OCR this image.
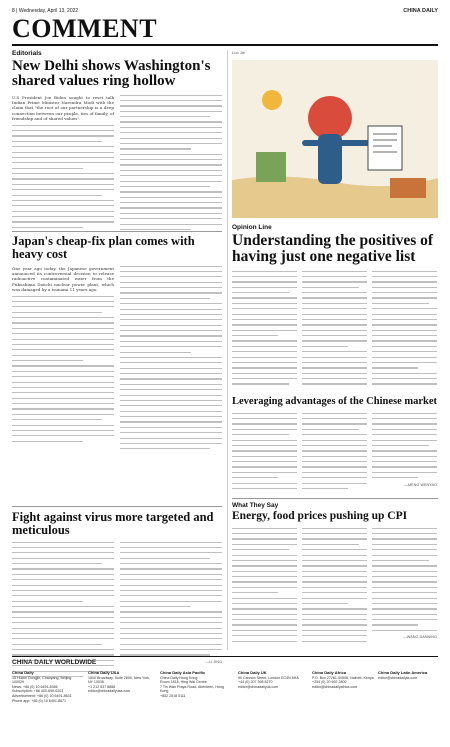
8 | Wednesday, April 13, 2022	CHINA DAILY
COMMENT
Editorials
New Delhi shows Washington's shared values ring hollow

U.S President Joe Biden sought to reset talk Indian Prime Minister Narendra Modi with the claim that "the root of our partnership is a deep connection between our people, ties of family, of friendship and of shared values".

Japan's cheap-fix plan comes with heavy cost

One year ago today, the Japanese government announced its controversial decision to release radioactive contaminated water from the Fukushima Daiichi nuclear power plant, which was damaged by a tsunami 11 years ago.

Fight against virus more targeted and meticulous
—LI JING
Luo Jie
Opinion Line
Understanding the positives of having just one negative list
Leveraging advantages of the Chinese market
—MENG WENYAO
What They Say
Energy, food prices pushing up CPI
—WANG DANNING
CHINA DAILY WORLDWIDE
China Daily
15 Huixin Dongjie, Chaoyang, Beijing 100029
News: +86 (0) 10 6491-8366
Subscription: +86 400-699-0203
Advertisement: +86 (0) 10 6491-8631
Phone app: +86 (0) 10 6491-8671
China Daily USA
1500 Broadway, Suite 2800, New York, NY 10036
+1 212 537 8888
editor@chinadailyusa.com
China Daily Asia Pacific
China Daily Hong Kong
Room 1818, Hing Wai Centre
7 Tin Wan Praya Road, Aberdeen, Hong Kong
+852 2518 5111
China Daily UK
90 Cannon Street, London EC4N 6HA
+44 (0) 207 398 8270
editor@chinadailyuk.com
China Daily Africa
P.O. Box 27281-00506, Nairobi, Kenya
+254 (0) 20 692 2800
editor@chinadailyafrica.com
China Daily Latin America
editor@chinadailyla.com
